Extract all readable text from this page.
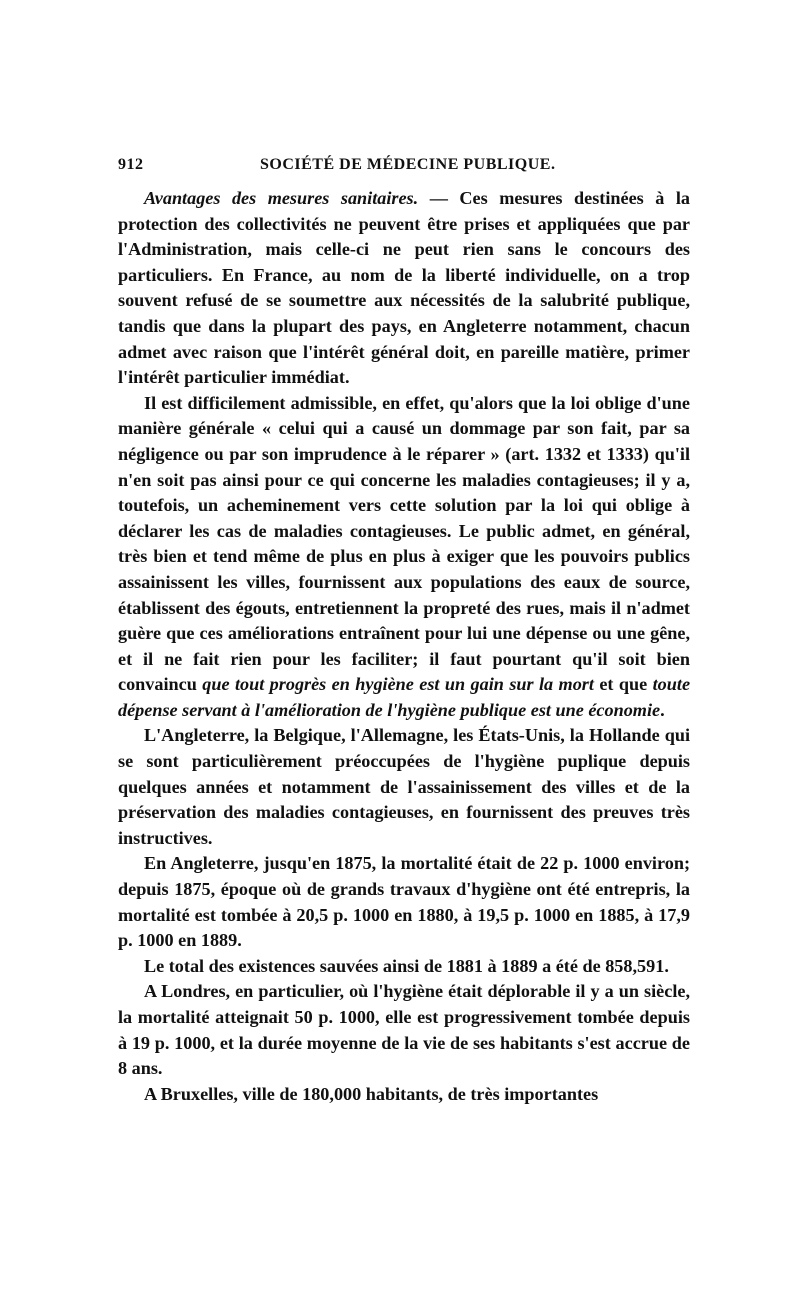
912	SOCIÉTÉ DE MÉDECINE PUBLIQUE.

Avantages des mesures sanitaires. — Ces mesures destinées à la protection des collectivités ne peuvent être prises et appliquées que par l'Administration, mais celle-ci ne peut rien sans le concours des particuliers. En France, au nom de la liberté individuelle, on a trop souvent refusé de se soumettre aux nécessités de la salubrité publique, tandis que dans la plupart des pays, en Angleterre notamment, chacun admet avec raison que l'intérêt général doit, en pareille matière, primer l'intérêt particulier immédiat.

Il est difficilement admissible, en effet, qu'alors que la loi oblige d'une manière générale « celui qui a causé un dommage par son fait, par sa négligence ou par son imprudence à le réparer » (art. 1332 et 1333) qu'il n'en soit pas ainsi pour ce qui concerne les maladies contagieuses; il y a, toutefois, un acheminement vers cette solution par la loi qui oblige à déclarer les cas de maladies contagieuses. Le public admet, en général, très bien et tend même de plus en plus à exiger que les pouvoirs publics assainissent les villes, fournissent aux populations des eaux de source, établissent des égouts, entretiennent la propreté des rues, mais il n'admet guère que ces améliorations entraînent pour lui une dépense ou une gêne, et il ne fait rien pour les faciliter; il faut pourtant qu'il soit bien convaincu que tout progrès en hygiène est un gain sur la mort et que toute dépense servant à l'amélioration de l'hygiène publique est une économie.

L'Angleterre, la Belgique, l'Allemagne, les États-Unis, la Hollande qui se sont particulièrement préoccupées de l'hygiène puplique depuis quelques années et notamment de l'assainissement des villes et de la préservation des maladies contagieuses, en fournissent des preuves très instructives.

En Angleterre, jusqu'en 1875, la mortalité était de 22 p. 1000 environ; depuis 1875, époque où de grands travaux d'hygiène ont été entrepris, la mortalité est tombée à 20,5 p. 1000 en 1880, à 19,5 p. 1000 en 1885, à 17,9 p. 1000 en 1889.

Le total des existences sauvées ainsi de 1881 à 1889 a été de 858,591.

A Londres, en particulier, où l'hygiène était déplorable il y a un siècle, la mortalité atteignait 50 p. 1000, elle est progressivement tombée depuis à 19 p. 1000, et la durée moyenne de la vie de ses habitants s'est accrue de 8 ans.

A Bruxelles, ville de 180,000 habitants, de très importantes
